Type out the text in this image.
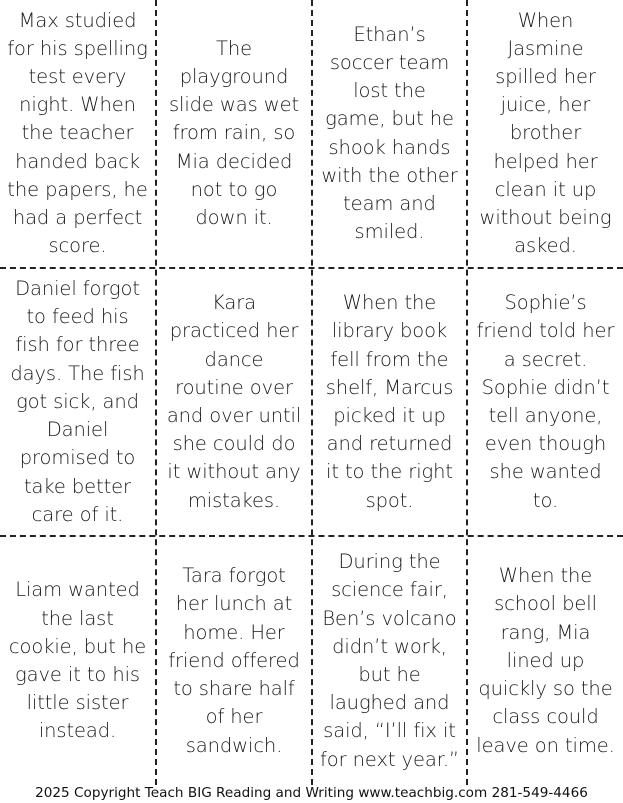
Max studied
for his spelling
test every
night. When
the teacher
handed back
the papers, he
had a perfect
score.
The
playground
slide was wet
from rain, so
Mia decided
not to go
down it.
Ethan’s
soccer team
lost the
game, but he
shook hands
with the other
team and
smiled.
When
Jasmine
spilled her
juice, her
brother
helped her
clean it up
without being
asked.
Daniel forgot
to feed his
fish for three
days. The fish
got sick, and
Daniel
promised to
take better
care of it.
Kara
practiced her
dance
routine over
and over until
she could do
it without any
mistakes.
When the
library book
fell from the
shelf, Marcus
picked it up
and returned
it to the right
spot.
Sophie’s
friend told her
a secret.
Sophie didn’t
tell anyone,
even though
she wanted
to.
Liam wanted
the last
cookie, but he
gave it to his
little sister
instead.
Tara forgot
her lunch at
home. Her
friend offered
to share half
of her
sandwich.
During the
science fair,
Ben’s volcano
didn’t work,
but he
laughed and
said, “I’ll fix it
for next year.”
When the
school bell
rang, Mia
lined up
quickly so the
class could
leave on time.
2025 Copyright Teach BIG Reading and Writing www.teachbig.com 281-549-4466
